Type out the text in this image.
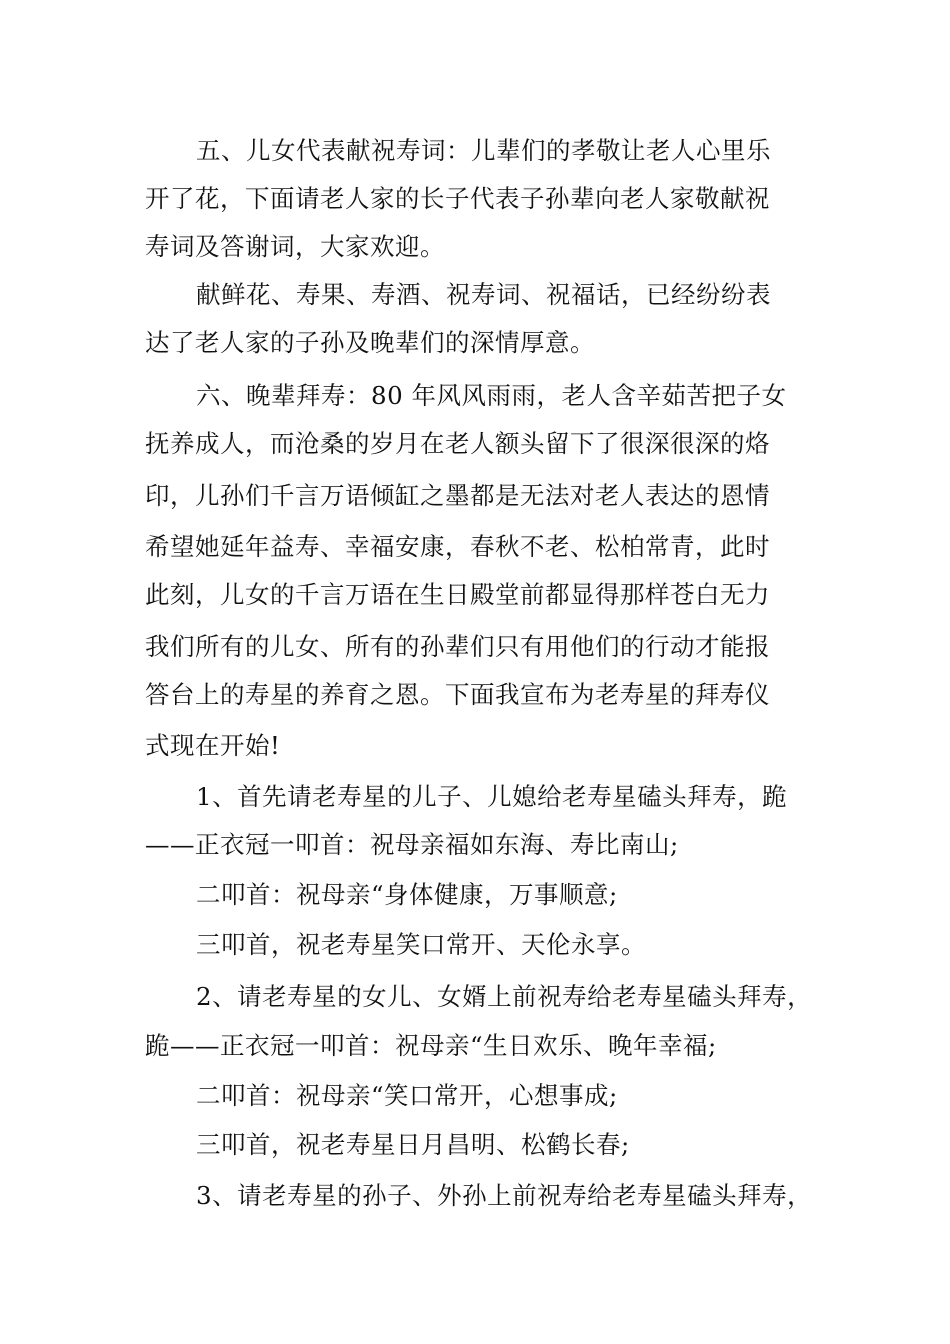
五、儿女代表献祝寿词：儿辈们的孝敬让老人心里乐
开了花，下面请老人家的长子代表子孙辈向老人家敬献祝
寿词及答谢词，大家欢迎。
献鲜花、寿果、寿酒、祝寿词、祝福话，已经纷纷表
达了老人家的子孙及晚辈们的深情厚意。
六、晚辈拜寿：80 年风风雨雨，老人含辛茹苦把子女
抚养成人，而沧桑的岁月在老人额头留下了很深很深的烙
印，儿孙们千言万语倾缸之墨都是无法对老人表达的恩情
希望她延年益寿、幸福安康，春秋不老、松柏常青，此时
此刻，儿女的千言万语在生日殿堂前都显得那样苍白无力
我们所有的儿女、所有的孙辈们只有用他们的行动才能报
答台上的寿星的养育之恩。下面我宣布为老寿星的拜寿仪
式现在开始!
1、首先请老寿星的儿子、儿媳给老寿星磕头拜寿，跪
——正衣冠一叩首：祝母亲福如东海、寿比南山;
二叩首：祝母亲“身体健康，万事顺意;
三叩首，祝老寿星笑口常开、天伦永享。
2、请老寿星的女儿、女婿上前祝寿给老寿星磕头拜寿，
跪——正衣冠一叩首：祝母亲“生日欢乐、晚年幸福;
二叩首：祝母亲“笑口常开，心想事成;
三叩首，祝老寿星日月昌明、松鹤长春;
3、请老寿星的孙子、外孙上前祝寿给老寿星磕头拜寿，
